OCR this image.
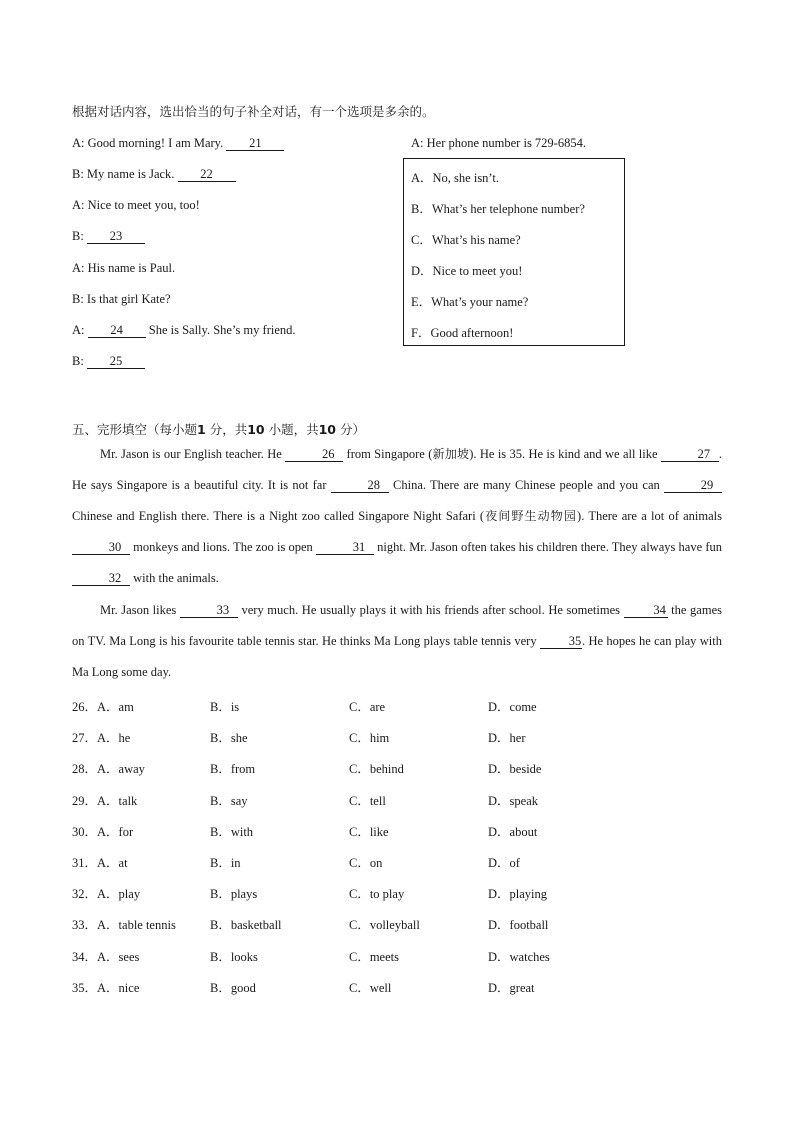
根据对话内容，选出恰当的句子补全对话，有一个选项是多余的。
A: Good morning! I am Mary. 21
B: My name is Jack. 22
A: Nice to meet you, too!
B: 23
A: His name is Paul.
B: Is that girl Kate?
A: 24 She is Sally. She’s my friend.
B: 25
A: Her phone number is 729-6854.
A．No, she isn’t.
B．What’s her telephone number?
C．What’s his name?
D．Nice to meet you!
E．What’s your name?
F．Good afternoon!
五、完形填空（每小题1 分，共10 小题，共10 分）

Mr. Jason is our English teacher. He	26 from Singapore (新加坡). He is 35. He is kind and we all like	27 . He says Singapore is a beautiful city. It is not far	28 China. There are many Chinese people and you can	29 Chinese and English there. There is a Night zoo called Singapore Night Safari (夜间野生动物园). There are a lot of animals 30 monkeys and lions. The zoo is open	31 night. Mr. Jason often takes his children there. They always have fun 32 with the animals.

Mr. Jason likes	33 very much. He usually plays it with his friends after school. He sometimes 34 the games on TV. Ma Long is his favourite table tennis star. He thinks Ma Long plays table tennis very 35. He hopes he can play with Ma Long some day.

26．A．am	B．is	C．are	D．come
27．A．he	B．she	C．him	D．her
28．A．away	B．from	C．behind	D．beside
29．A．talk	B．say	C．tell	D．speak
30．A．for	B．with	C．like	D．about
31．A．at	B．in	C．on	D．of
32．A．play	B．plays	C．to play	D．playing
33．A．table tennis	B．basketball	C．volleyball	D．football
34．A．sees	B．looks	C．meets	D．watches
35．A．nice	B．good	C．well	D．great
